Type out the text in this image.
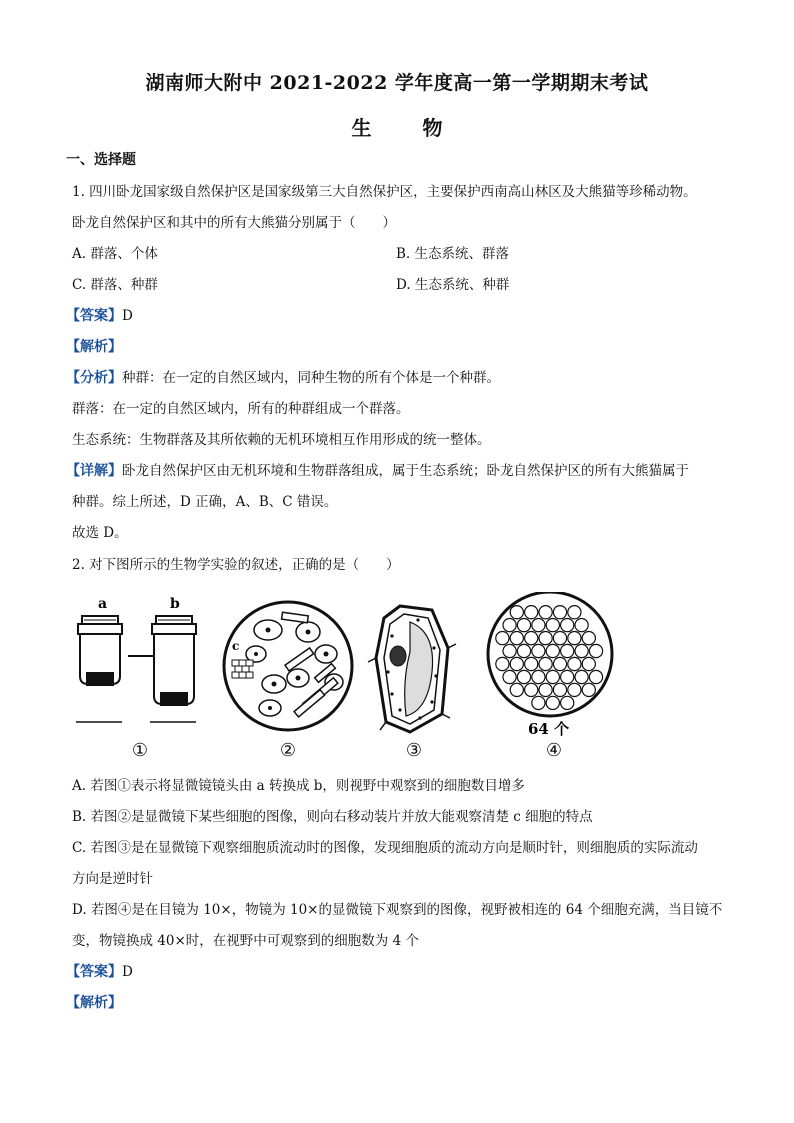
湖南师大附中 2021-2022 学年度高一第一学期期末考试
生 物
一、选择题
1. 四川卧龙国家级自然保护区是国家级第三大自然保护区，主要保护西南高山林区及大熊猫等珍稀动物。
卧龙自然保护区和其中的所有大熊猫分别属于（　　）
A. 群落、个体	B. 生态系统、群落
C. 群落、种群	D. 生态系统、种群
【答案】D
【解析】
【分析】种群：在一定的自然区域内，同种生物的所有个体是一个种群。
群落：在一定的自然区域内，所有的种群组成一个群落。
生态系统：生物群落及其所依赖的无机环境相互作用形成的统一整体。
【详解】卧龙自然保护区由无机环境和生物群落组成，属于生态系统；卧龙自然保护区的所有大熊猫属于
种群。综上所述，D 正确，A、B、C 错误。
故选 D。
2. 对下图所示的生物学实验的叙述，正确的是（　　）
a	b
c
64 个
①	②	③	④
A. 若图①表示将显微镜镜头由 a 转换成 b，则视野中观察到的细胞数目增多
B. 若图②是显微镜下某些细胞的图像，则向右移动装片并放大能观察清楚 c 细胞的特点
C. 若图③是在显微镜下观察细胞质流动时的图像，发现细胞质的流动方向是顺时针，则细胞质的实际流动
方向是逆时针
D. 若图④是在目镜为 10×，物镜为 10×的显微镜下观察到的图像，视野被相连的 64 个细胞充满，当目镜不
变，物镜换成 40×时，在视野中可观察到的细胞数为 4 个
【答案】D
【解析】
